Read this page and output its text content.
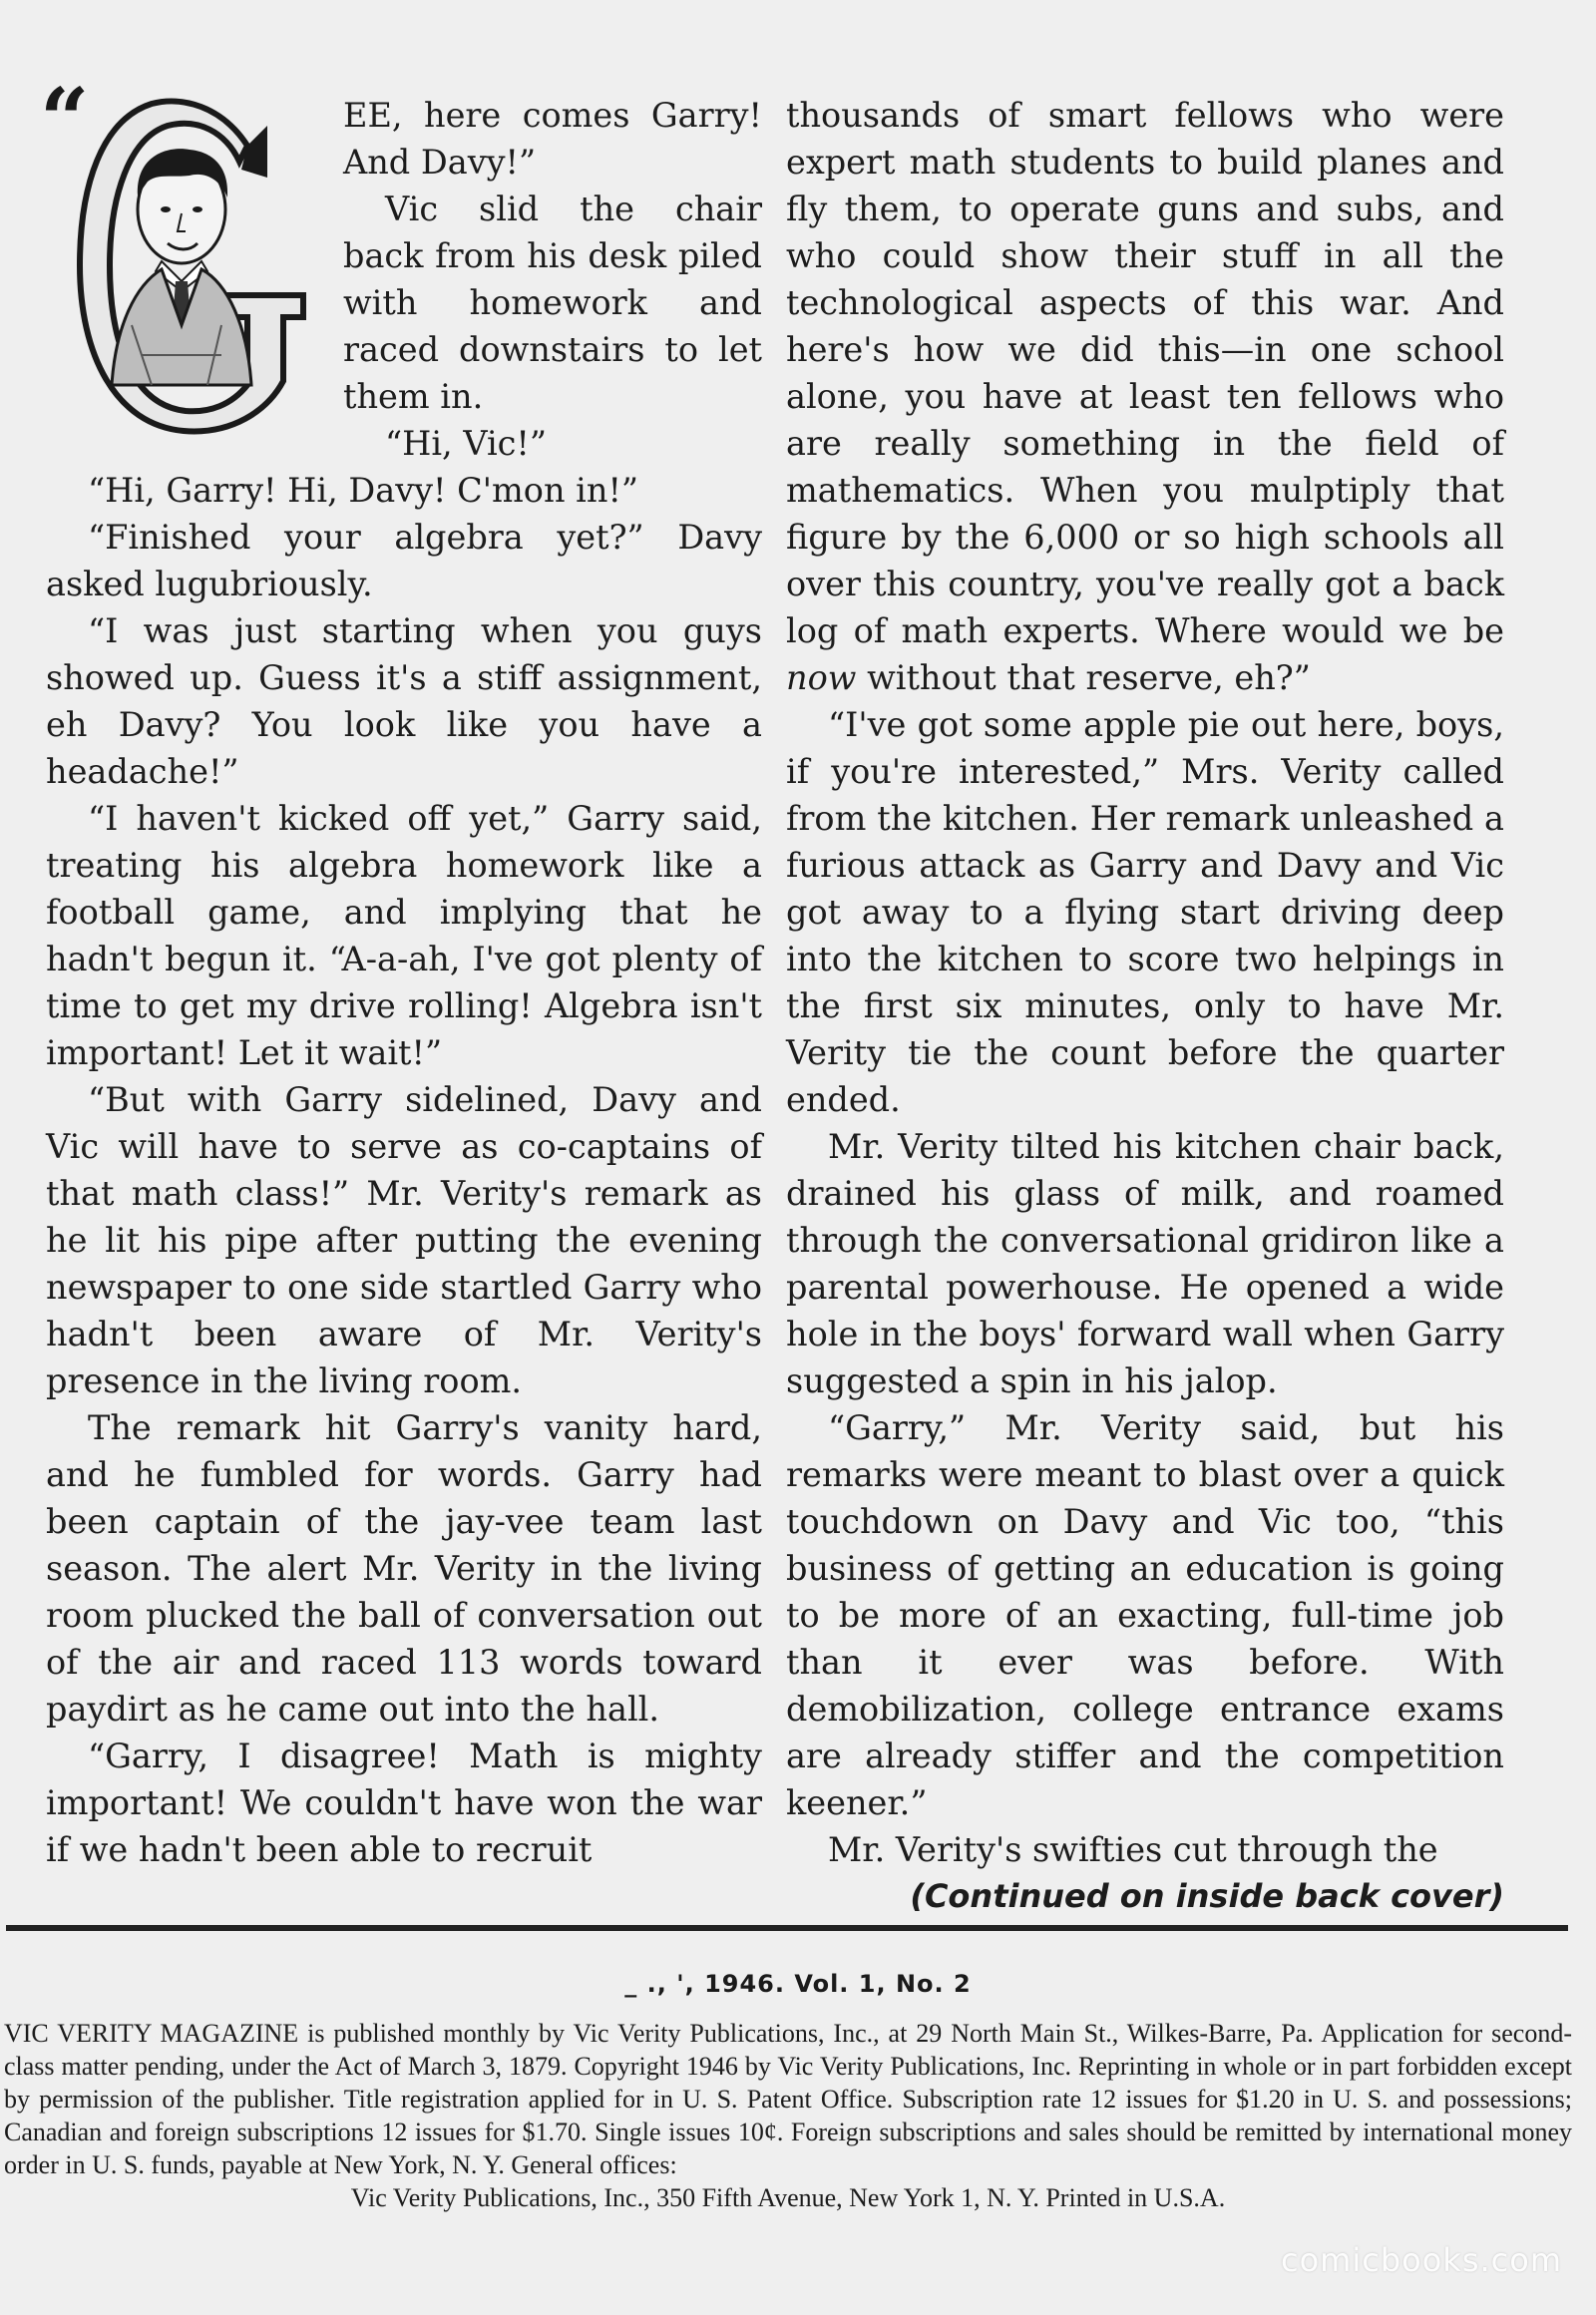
“	EE, here comes Garry! And Davy!”

Vic slid the chair back from his desk piled with homework and raced downstairs to let them in.

“Hi, Vic!”

“Hi, Garry! Hi, Davy! C'mon in!”

“Finished your algebra yet?” Davy asked lugubriously.

“I was just starting when you guys showed up. Guess it's a stiff assignment, eh Davy? You look like you have a headache!”

“I haven't kicked off yet,” Garry said, treating his algebra homework like a football game, and implying that he hadn't begun it. “A-a-ah, I've got plenty of time to get my drive rolling! Algebra isn't important! Let it wait!”

“But with Garry sidelined, Davy and Vic will have to serve as co-captains of that math class!” Mr. Verity's remark as he lit his pipe after putting the evening newspaper to one side startled Garry who hadn't been aware of Mr. Verity's presence in the living room.

The remark hit Garry's vanity hard, and he fumbled for words. Garry had been captain of the jay-vee team last season. The alert Mr. Verity in the living room plucked the ball of conversation out of the air and raced 113 words toward paydirt as he came out into the hall.

“Garry, I disagree! Math is mighty important! We couldn't have won the war if we hadn't been able to recruit

thousands of smart fellows who were expert math students to build planes and fly them, to operate guns and subs, and who could show their stuff in all the technological aspects of this war. And here's how we did this—in one school alone, you have at least ten fellows who are really something in the field of mathematics. When you mulptiply that figure by the 6,000 or so high schools all over this country, you've really got a back log of math experts. Where would we be now without that reserve, eh?”

“I've got some apple pie out here, boys, if you're interested,” Mrs. Verity called from the kitchen. Her remark unleashed a furious attack as Garry and Davy and Vic got away to a flying start driving deep into the kitchen to score two helpings in the first six minutes, only to have Mr. Verity tie the count before the quarter ended.

Mr. Verity tilted his kitchen chair back, drained his glass of milk, and roamed through the conversational gridiron like a parental powerhouse. He opened a wide hole in the boys' forward wall when Garry suggested a spin in his jalop.

“Garry,” Mr. Verity said, but his remarks were meant to blast over a quick touchdown on Davy and Vic too, “this business of getting an education is going to be more of an exacting, full-time job than it ever was before. With demobilization, college entrance exams are already stiffer and the competition keener.”

Mr. Verity's swifties cut through the

(Continued on inside back cover)

_ ., ', 1946. Vol. 1, No. 2
VIC VERITY MAGAZINE is published monthly by Vic Verity Publications, Inc., at 29 North Main St., Wilkes-Barre, Pa. Application for second-class matter pending, under the Act of March 3, 1879. Copyright 1946 by Vic Verity Publications, Inc. Reprinting in whole or in part forbidden except by permission of the publisher. Title registration applied for in U. S. Patent Office. Subscription rate 12 issues for $1.20 in U. S. and possessions; Canadian and foreign subscriptions 12 issues for $1.70. Single issues 10¢. Foreign subscriptions and sales should be remitted by international money order in U. S. funds, payable at New York, N. Y. General offices:
Vic Verity Publications, Inc., 350 Fifth Avenue, New York 1, N. Y. Printed in U.S.A.
comicbooks.com
